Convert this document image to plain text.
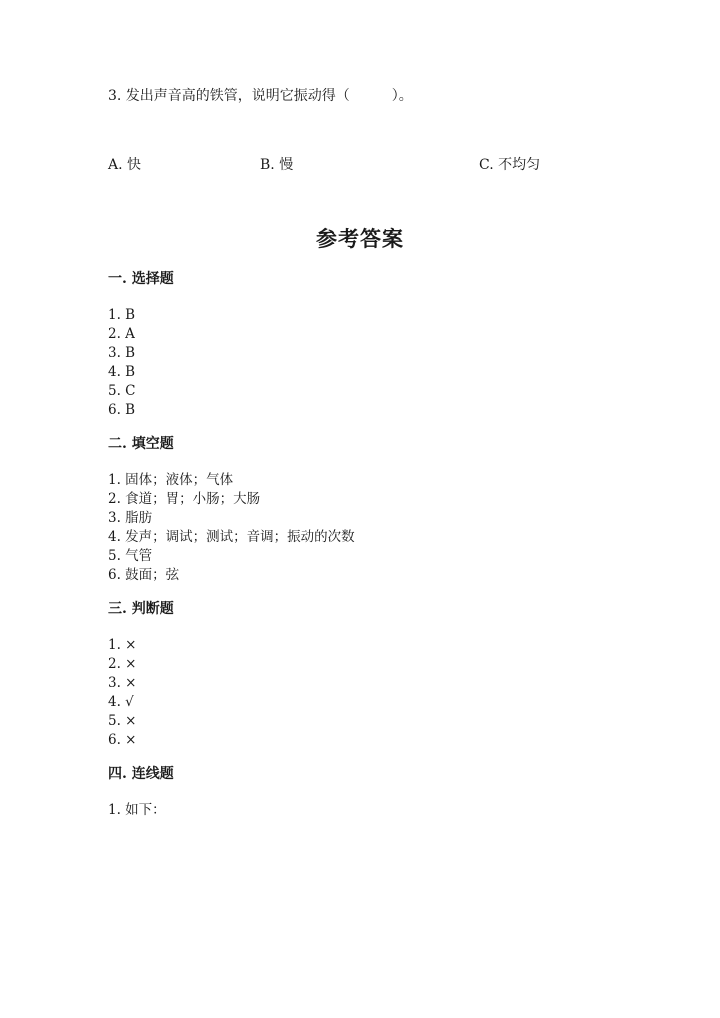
3. 发出声音高的铁管，说明它振动得（　　　）。
A. 快	B. 慢	C. 不均匀
参考答案
一. 选择题
1. B
2. A
3. B
4. B
5. C
6. B
二. 填空题
1. 固体；液体；气体
2. 食道；胃；小肠；大肠
3. 脂肪
4. 发声；调试；测试；音调；振动的次数
5. 气管
6. 鼓面；弦
三. 判断题
1. ×
2. ×
3. ×
4. √
5. ×
6. ×
四. 连线题
1. 如下：
